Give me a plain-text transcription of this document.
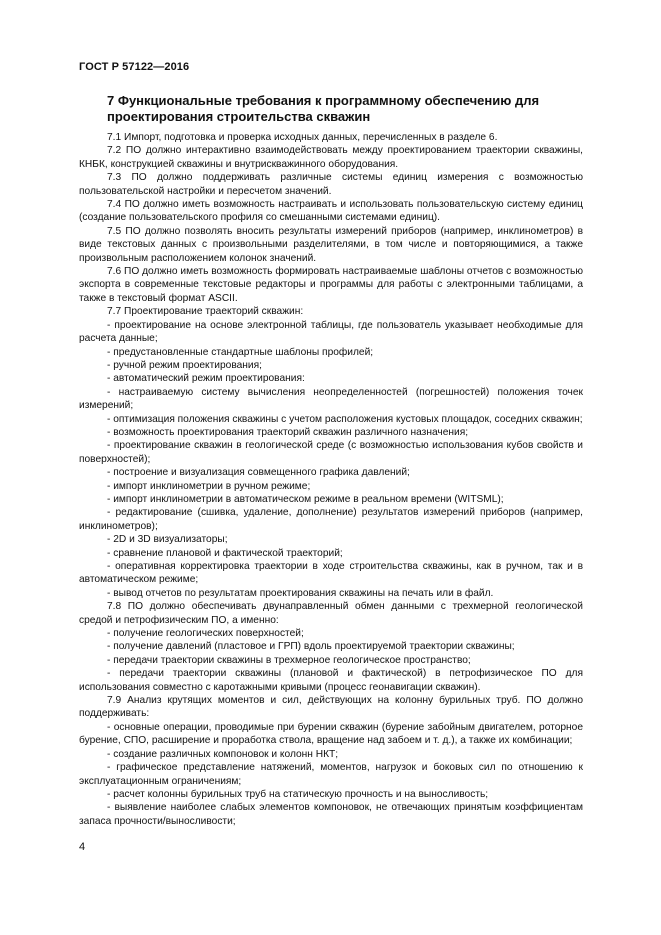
ГОСТ Р 57122—2016
7 Функциональные требования к программному обеспечению для проектирования строительства скважин

7.1 Импорт, подготовка и проверка исходных данных, перечисленных в разделе 6.

7.2 ПО должно интерактивно взаимодействовать между проектированием траектории скважины, КНБК, конструкцией скважины и внутрискважинного оборудования.

7.3 ПО должно поддерживать различные системы единиц измерения с возможностью пользовательской настройки и пересчетом значений.

7.4 ПО должно иметь возможность настраивать и использовать пользовательскую систему единиц (создание пользовательского профиля со смешанными системами единиц).

7.5 ПО должно позволять вносить результаты измерений приборов (например, инклинометров) в виде текстовых данных с произвольными разделителями, в том числе и повторяющимися, а также произвольным расположением колонок значений.

7.6 ПО должно иметь возможность формировать настраиваемые шаблоны отчетов с возможностью экспорта в современные текстовые редакторы и программы для работы с электронными таблицами, а также в текстовый формат ASCII.

7.7 Проектирование траекторий скважин:

- проектирование на основе электронной таблицы, где пользователь указывает необходимые для расчета данные;

- предустановленные стандартные шаблоны профилей;

- ручной режим проектирования;

- автоматический режим проектирования:

- настраиваемую систему вычисления неопределенностей (погрешностей) положения точек измерений;

- оптимизация положения скважины с учетом расположения кустовых площадок, соседних скважин;

- возможность проектирования траекторий скважин различного назначения;

- проектирование скважин в геологической среде (с возможностью использования кубов свойств и поверхностей);

- построение и визуализация совмещенного графика давлений;

- импорт инклинометрии в ручном режиме;

- импорт инклинометрии в автоматическом режиме в реальном времени (WITSML);

- редактирование (сшивка, удаление, дополнение) результатов измерений приборов (например, инклинометров);

- 2D и 3D визуализаторы;

- сравнение плановой и фактической траекторий;

- оперативная корректировка траектории в ходе строительства скважины, как в ручном, так и в автоматическом режиме;

- вывод отчетов по результатам проектирования скважины на печать или в файл.

7.8 ПО должно обеспечивать двунаправленный обмен данными с трехмерной геологической средой и петрофизическим ПО, а именно:

- получение геологических поверхностей;

- получение давлений (пластовое и ГРП) вдоль проектируемой траектории скважины;

- передачи траектории скважины в трехмерное геологическое пространство;

- передачи траектории скважины (плановой и фактической) в петрофизическое ПО для использования совместно с каротажными кривыми (процесс геонавигации скважин).

7.9 Анализ крутящих моментов и сил, действующих на колонну бурильных труб. ПО должно поддерживать:

- основные операции, проводимые при бурении скважин (бурение забойным двигателем, роторное бурение, СПО, расширение и проработка ствола, вращение над забоем и т. д.), а также их комбинации;

- создание различных компоновок и колонн НКТ;

- графическое представление натяжений, моментов, нагрузок и боковых сил по отношению к эксплуатационным ограничениям;

- расчет колонны бурильных труб на статическую прочность и на выносливость;

- выявление наиболее слабых элементов компоновок, не отвечающих принятым коэффициентам запаса прочности/выносливости;

4
